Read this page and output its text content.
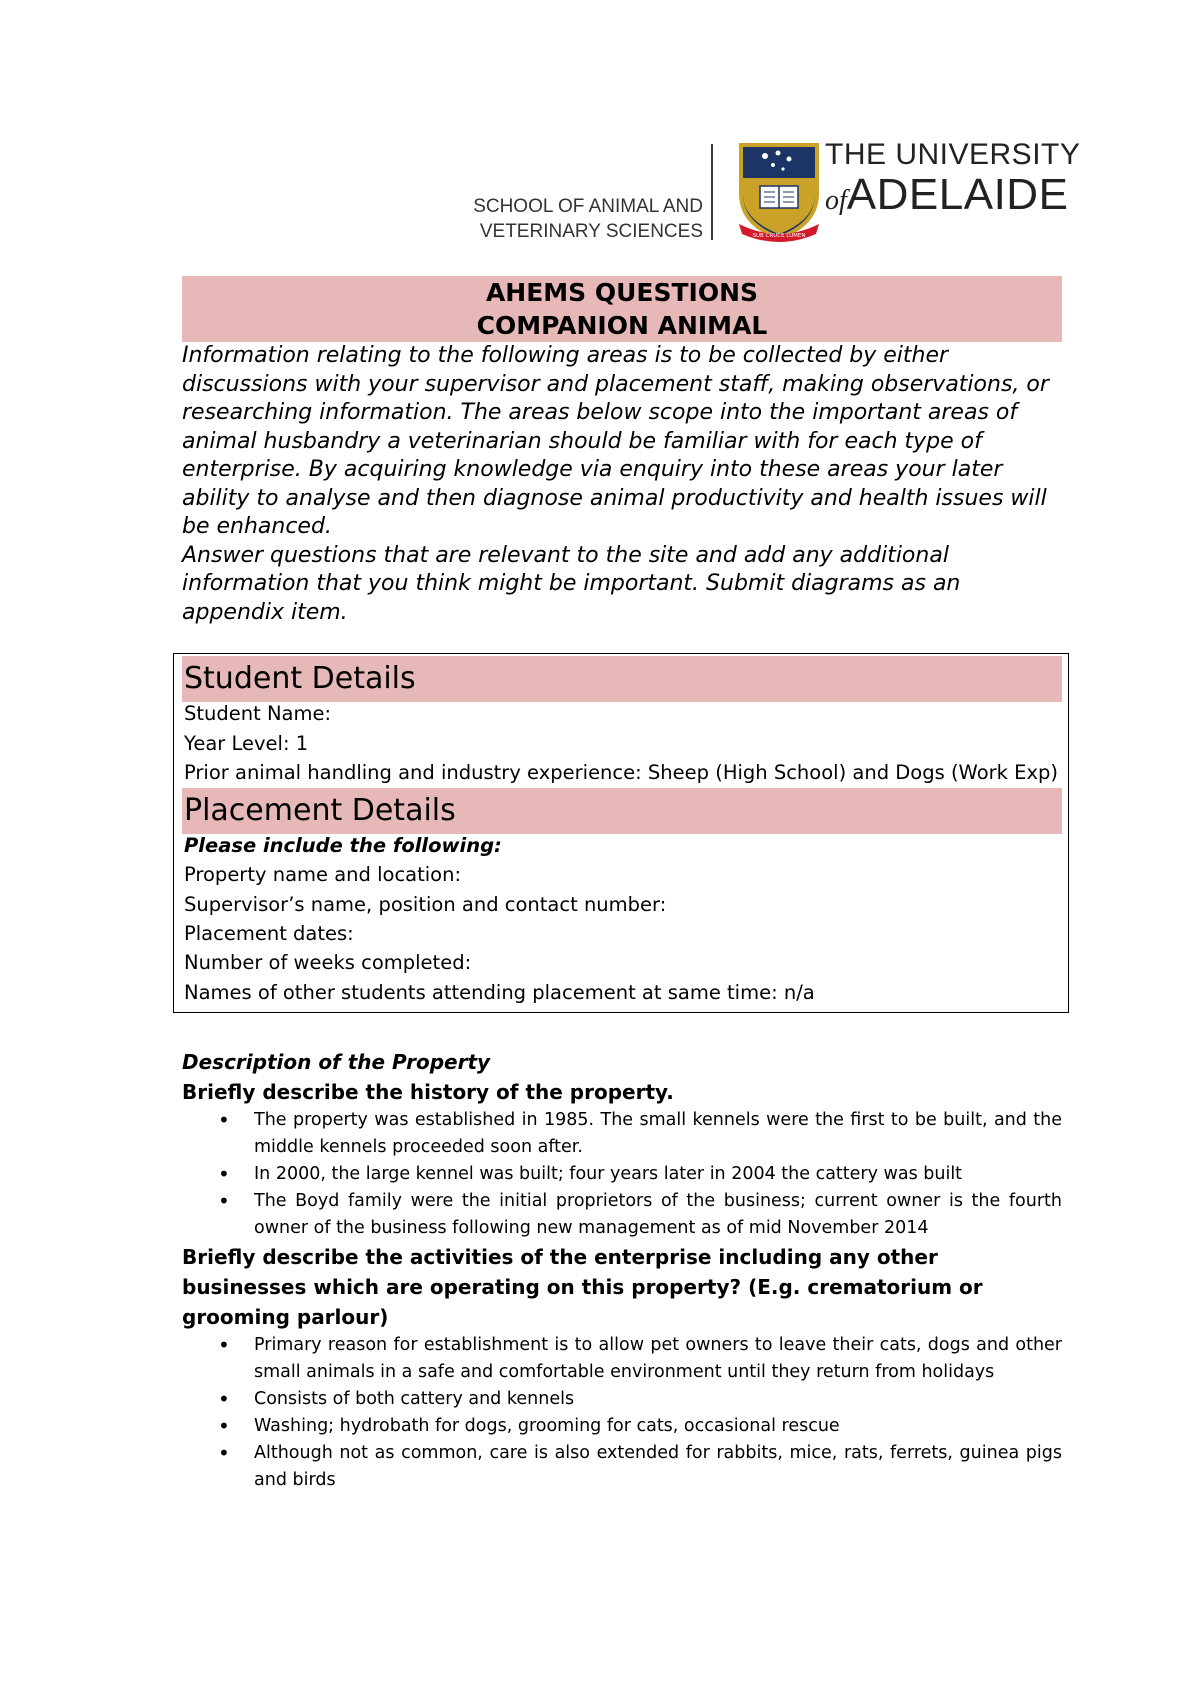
SCHOOL OF ANIMAL AND
VETERINARY SCIENCES	SUB CRUCE LUMEN
THE UNIVERSITY
ofADELAIDE
AHEMS QUESTIONS
COMPANION ANIMAL

Information relating to the following areas is to be collected by either discussions with your supervisor and placement staff, making observations, or researching information. The areas below scope into the important areas of animal husbandry a veterinarian should be familiar with for each type of enterprise. By acquiring knowledge via enquiry into these areas your later ability to analyse and then diagnose animal productivity and health issues will be enhanced.

Answer questions that are relevant to the site and add any additional information that you think might be important. Submit diagrams as an appendix item.

Student Details
Student Name:
Year Level: 1
Prior animal handling and industry experience: Sheep (High School) and Dogs (Work Exp)
Placement Details
Please include the following:
Property name and location:
Supervisor’s name, position and contact number:
Placement dates:
Number of weeks completed:
Names of other students attending placement at same time: n/a

Description of the Property

Briefly describe the history of the property.

• The property was established in 1985. The small kennels were the first to be built, and the middle kennels proceeded soon after.
• In 2000, the large kennel was built; four years later in 2004 the cattery was built
• The Boyd family were the initial proprietors of the business; current owner is the fourth owner of the business following new management as of mid November 2014

Briefly describe the activities of the enterprise including any other businesses which are operating on this property? (E.g. crematorium or grooming parlour)

• Primary reason for establishment is to allow pet owners to leave their cats, dogs and other small animals in a safe and comfortable environment until they return from holidays
• Consists of both cattery and kennels
• Washing; hydrobath for dogs, grooming for cats, occasional rescue
• Although not as common, care is also extended for rabbits, mice, rats, ferrets, guinea pigs and birds
